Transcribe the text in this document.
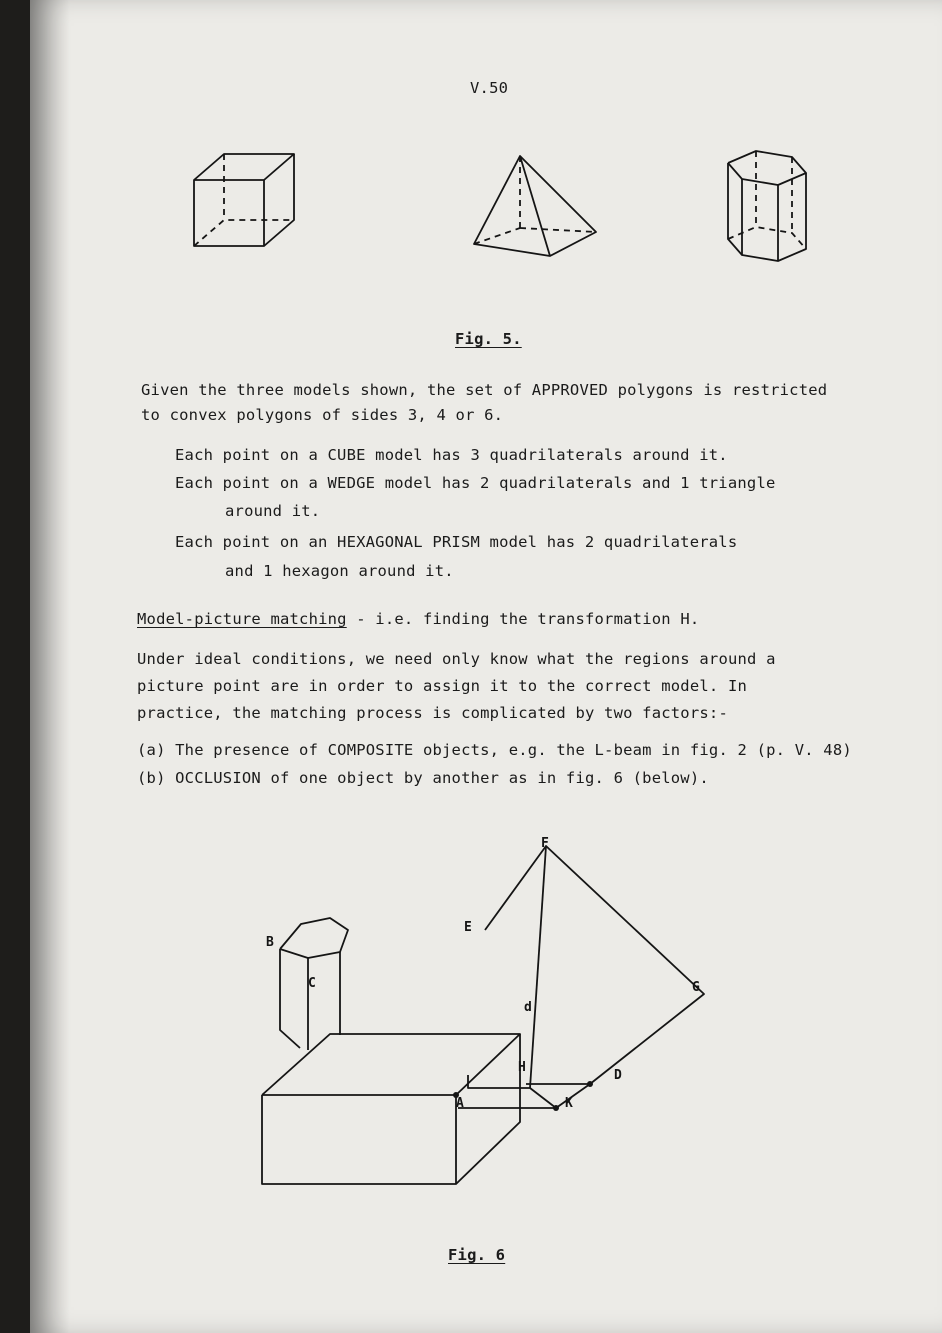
V.50
Fig. 5.
Given the three models shown, the set of APPROVED polygons is restricted
to convex polygons of sides 3, 4 or 6.
Each point on a CUBE model has 3 quadrilaterals around it.
Each point on a WEDGE model has 2 quadrilaterals and 1 triangle
around it.
Each point on an HEXAGONAL PRISM model has 2 quadrilaterals
and 1 hexagon around it.
Model-picture matching - i.e. finding the transformation H.
Under ideal conditions, we need only know what the regions around a
picture point are in order to assign it to the correct model. In
practice, the matching process is complicated by two factors:-
(a) The presence of COMPOSITE objects, e.g. the L-beam in fig. 2 (p. V. 48)
(b) OCCLUSION of one object by another as in fig. 6 (below).
B
C
E
F
G
d
H
D
A	K
Fig. 6
